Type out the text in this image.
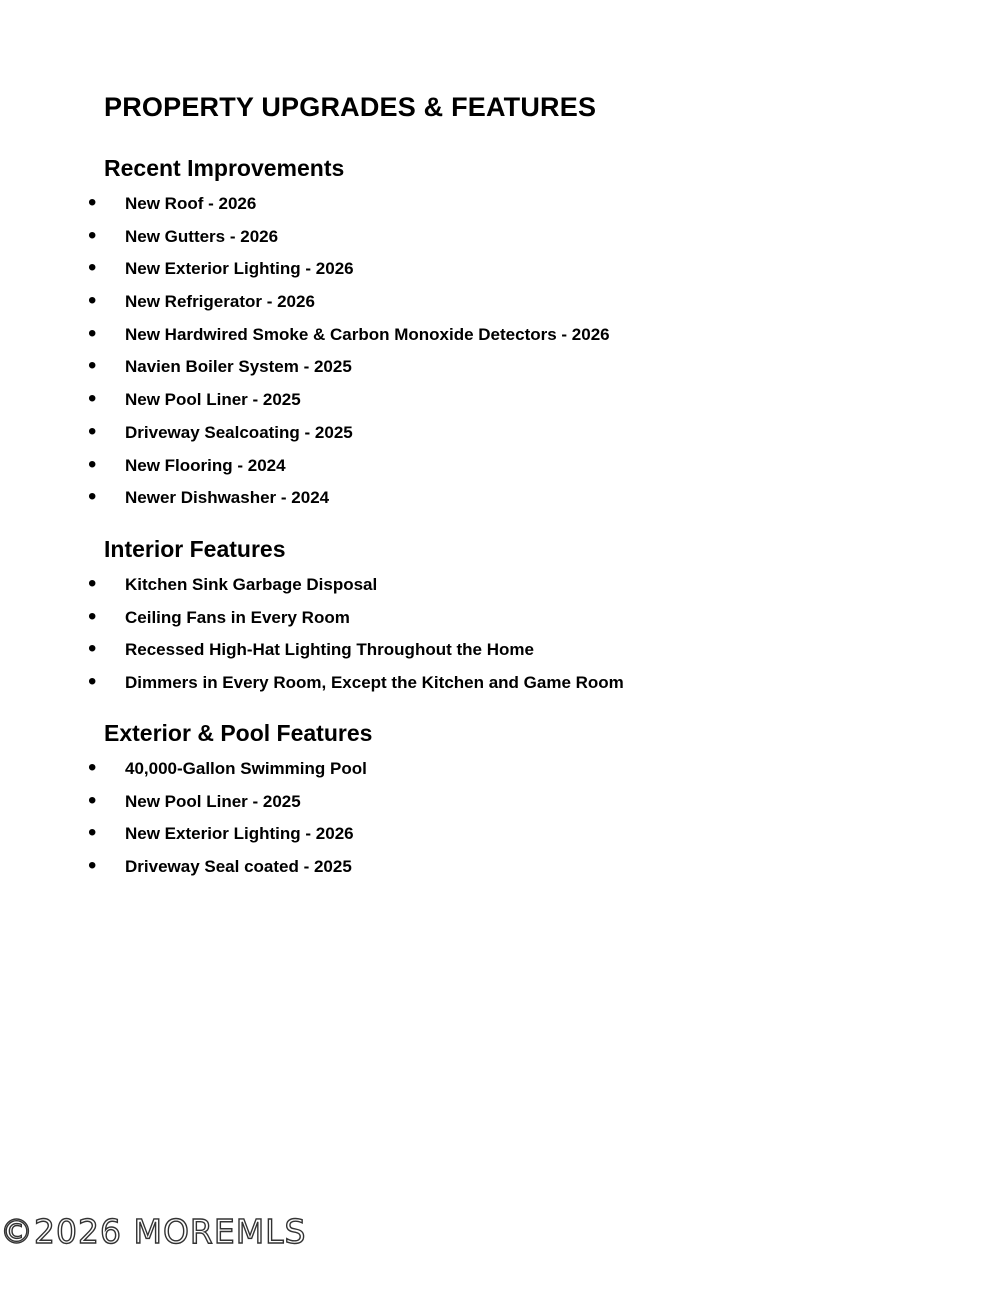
PROPERTY UPGRADES & FEATURES
Recent Improvements
• New Roof - 2026
• New Gutters - 2026
• New Exterior Lighting - 2026
• New Refrigerator - 2026
• New Hardwired Smoke & Carbon Monoxide Detectors - 2026
• Navien Boiler System - 2025
• New Pool Liner - 2025
• Driveway Sealcoating - 2025
• New Flooring - 2024
• Newer Dishwasher - 2024
Interior Features
• Kitchen Sink Garbage Disposal
• Ceiling Fans in Every Room
• Recessed High-Hat Lighting Throughout the Home
• Dimmers in Every Room, Except the Kitchen and Game Room
Exterior & Pool Features
• 40,000-Gallon Swimming Pool
• New Pool Liner - 2025
• New Exterior Lighting - 2026
• Driveway Seal coated - 2025
©2026 MOREMLS
